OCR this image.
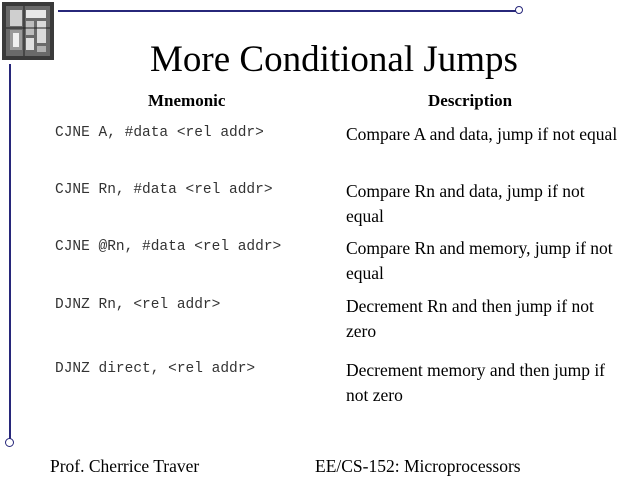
More Conditional Jumps
Mnemonic	Description
CJNE A, #data <rel addr>	Compare A and data, jump if not equal
CJNE Rn, #data <rel addr>	Compare Rn and data, jump if not equal
CJNE @Rn, #data <rel addr>	Compare Rn and memory, jump if not equal
DJNZ Rn, <rel addr>	Decrement Rn and then jump if not zero
DJNZ direct, <rel addr>	Decrement memory and then jump if not zero
Prof. Cherrice Traver	EE/CS-152: Microprocessors
